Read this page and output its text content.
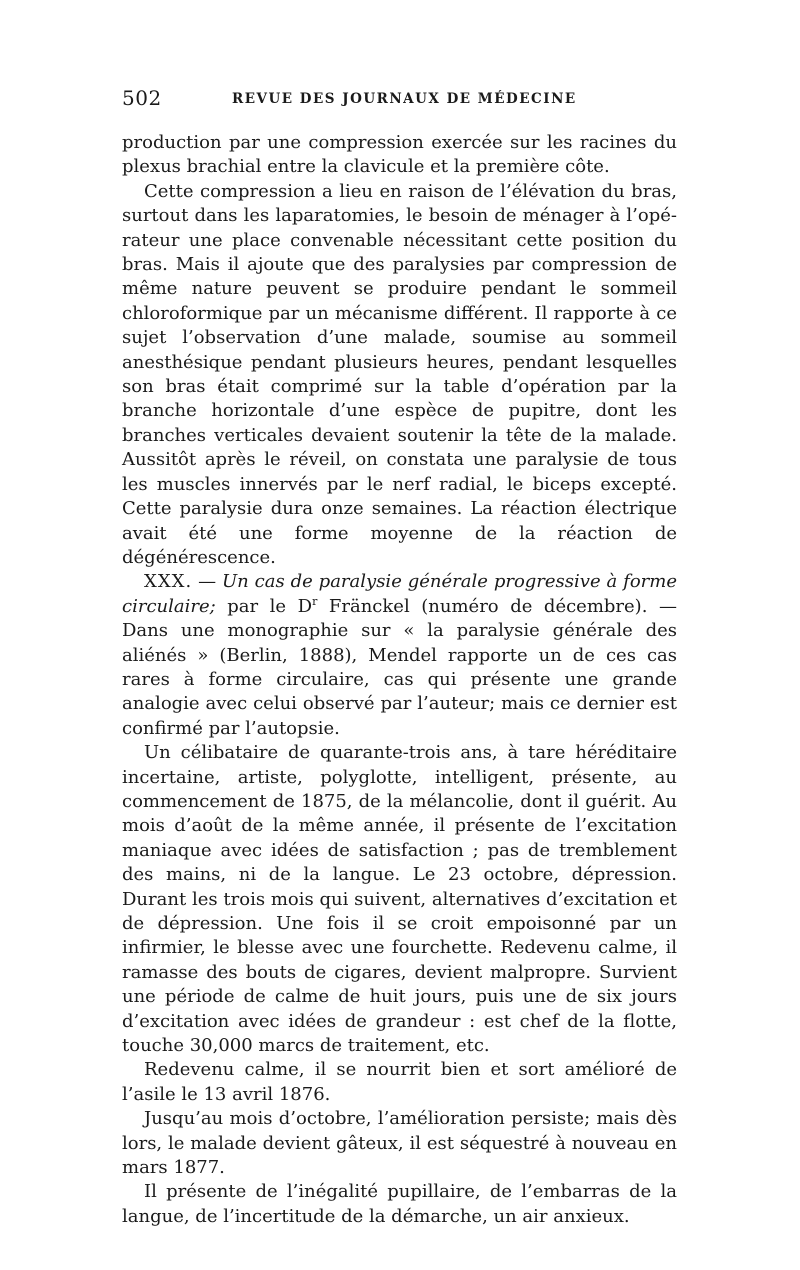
502	REVUE DES JOURNAUX DE MÉDECINE

production par une compression exercée sur les racines du plexus brachial entre la clavicule et la première côte.

Cette compression a lieu en raison de l’élévation du bras, surtout dans les laparatomies, le besoin de ménager à l’opérateur une place convenable nécessitant cette position du bras. Mais il ajoute que des paralysies par compression de même nature peuvent se produire pendant le sommeil chloroformique par un mécanisme différent. Il rapporte à ce sujet l’observation d’une malade, soumise au sommeil anesthésique pendant plusieurs heures, pendant lesquelles son bras était comprimé sur la table d’opération par la branche horizontale d’une espèce de pupitre, dont les branches verticales devaient soutenir la tête de la malade. Aussitôt après le réveil, on constata une paralysie de tous les muscles innervés par le nerf radial, le biceps excepté. Cette paralysie dura onze semaines. La réaction électrique avait été une forme moyenne de la réaction de dégénérescence.

XXX. — Un cas de paralysie générale progressive à forme circulaire; par le $D^r$ Fränckel (numéro de décembre). — Dans une monographie sur « la paralysie générale des aliénés » (Berlin, 1888), Mendel rapporte un de ces cas rares à forme circulaire, cas qui présente une grande analogie avec celui observé par l’auteur; mais ce dernier est confirmé par l’autopsie.

Un célibataire de quarante-trois ans, à tare héréditaire incertaine, artiste, polyglotte, intelligent, présente, au commencement de 1875, de la mélancolie, dont il guérit. Au mois d’août de la même année, il présente de l’excitation maniaque avec idées de satisfaction ; pas de tremblement des mains, ni de la langue. Le 23 octobre, dépression. Durant les trois mois qui suivent, alternatives d’excitation et de dépression. Une fois il se croit empoisonné par un infirmier, le blesse avec une fourchette. Redevenu calme, il ramasse des bouts de cigares, devient malpropre. Survient une période de calme de huit jours, puis une de six jours d’excitation avec idées de grandeur : est chef de la flotte, touche 30,000 marcs de traitement, etc.

Redevenu calme, il se nourrit bien et sort amélioré de l’asile le 13 avril 1876.

Jusqu’au mois d’octobre, l’amélioration persiste; mais dès lors, le malade devient gâteux, il est séquestré à nouveau en mars 1877.

Il présente de l’inégalité pupillaire, de l’embarras de la langue, de l’incertitude de la démarche, un air anxieux.
